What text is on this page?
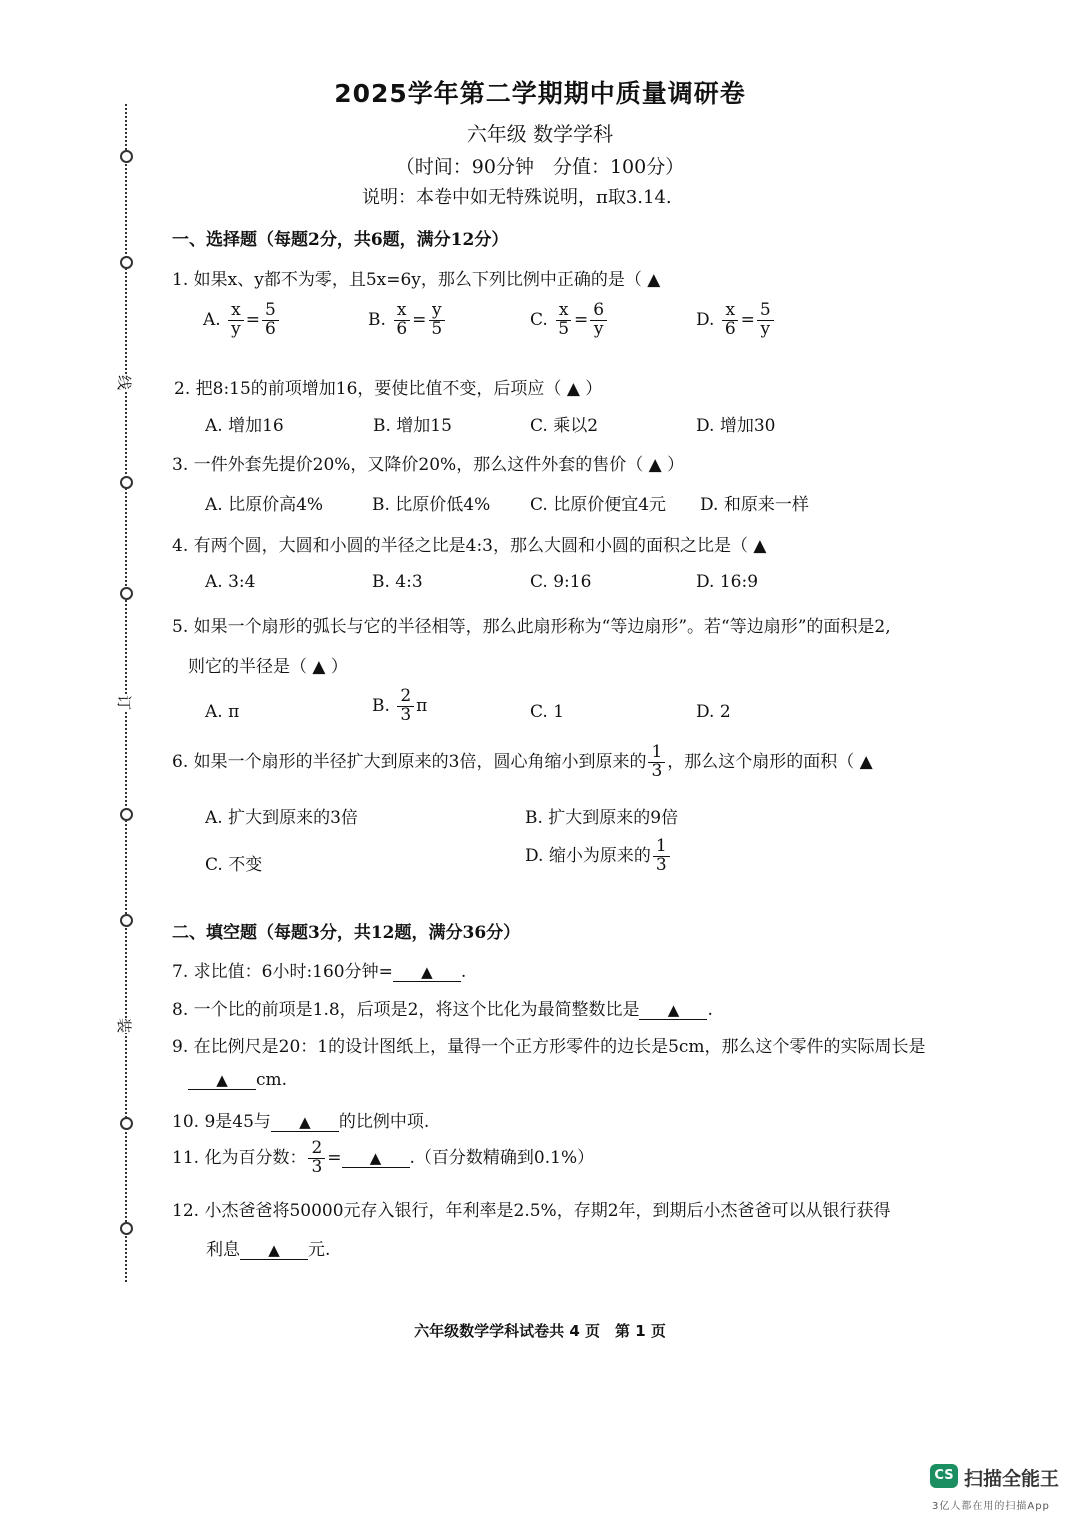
线
订
装
2025学年第二学期期中质量调研卷
六年级 数学学科
（时间：90分钟　分值：100分）
说明：本卷中如无特殊说明，π取3.14.
一、选择题（每题2分，共6题，满分12分）
1. 如果x、y都不为零，且5x=6y，那么下列比例中正确的是（ ▲
A. $\frac{x}{y} = \frac{5}{6}$	B. $\frac{x}{6} = \frac{y}{5}$	C. $\frac{x}{5} = \frac{6}{y}$	D. $\frac{x}{6} = \frac{5}{y}$
2. 把8:15的前项增加16，要使比值不变，后项应（ ▲ ）
A. 增加16	B. 增加15	C. 乘以2	D. 增加30
3. 一件外套先提价20%，又降价20%，那么这件外套的售价（ ▲ ）
A. 比原价高4%	B. 比原价低4% C. 比原价便宜4元 D. 和原来一样
4. 有两个圆，大圆和小圆的半径之比是4:3，那么大圆和小圆的面积之比是（ ▲
A. 3:4	B. 4:3	C. 9:16	D. 16:9
5. 如果一个扇形的弧长与它的半径相等，那么此扇形称为“等边扇形”。若“等边扇形”的面积是2,
则它的半径是（ ▲ ）
A. π	B. $\frac{2}{3}$ π	C. 1	D. 2
6. 如果一个扇形的半径扩大到原来的3倍，圆心角缩小到原来的 $\frac{1}{3}$ ，那么这个扇形的面积（ ▲
A. 扩大到原来的3倍	B. 扩大到原来的9倍
C. 不变	D. 缩小为原来的 $\frac{1}{3}$
二、填空题（每题3分，共12题，满分36分）
7. 求比值：6小时:160分钟= ▲ .
8. 一个比的前项是1.8，后项是2，将这个比化为最简整数比是 ▲ .
9. 在比例尺是20：1的设计图纸上，量得一个正方形零件的边长是5cm，那么这个零件的实际周长是
▲ cm.
10. 9是45与 ▲ 的比例中项.
11. 化为百分数： $\frac{2}{3}$ = ▲ .（百分数精确到0.1%）
12. 小杰爸爸将50000元存入银行，年利率是2.5%，存期2年，到期后小杰爸爸可以从银行获得
利息 ▲ 元.
六年级数学学科试卷共 4 页　第 1 页
CS 扫描全能王
3亿人都在用的扫描App
